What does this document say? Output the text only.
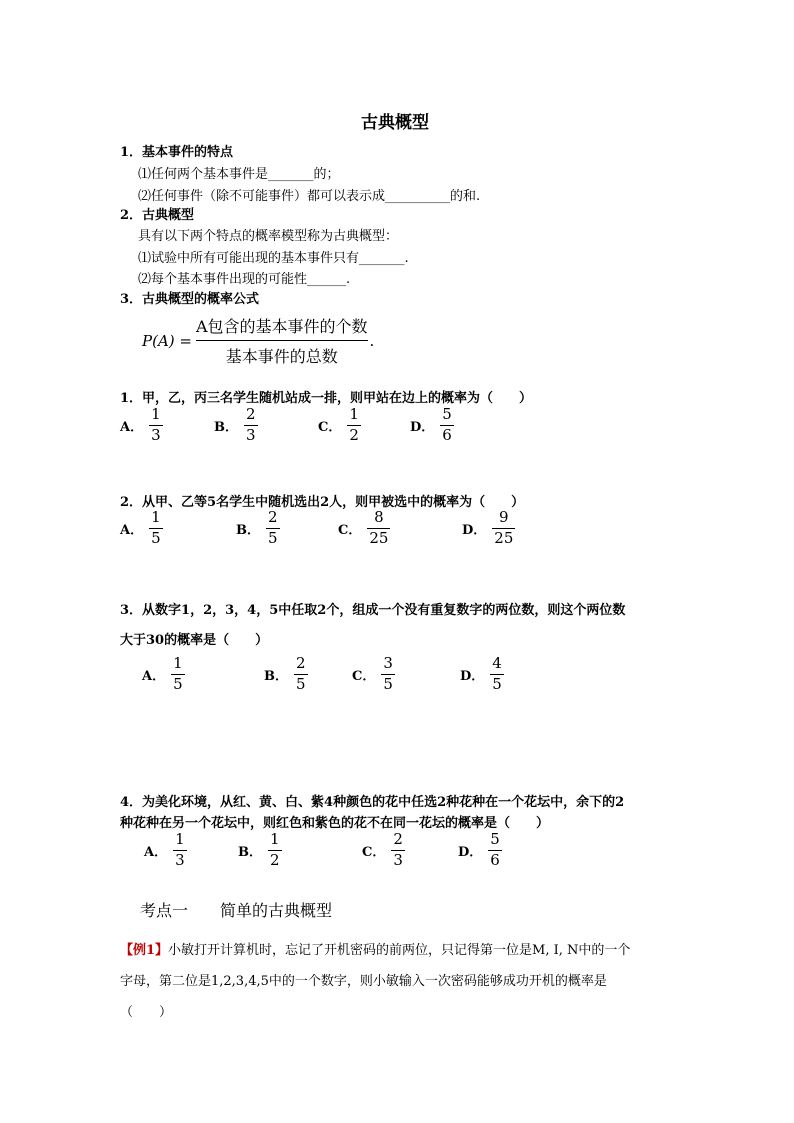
古典概型
1．基本事件的特点
⑴任何两个基本事件是_______的；
⑵任何事件（除不可能事件）都可以表示成__________的和.
2．古典概型
具有以下两个特点的概率模型称为古典概型：
⑴试验中所有可能出现的基本事件只有_______.
⑵每个基本事件出现的可能性______.
3．古典概型的概率公式
P(A) =
A包含的基本事件的个数
基本事件的总数
.
1．甲，乙，丙三名学生随机站成一排，则甲站在边上的概率为（　　）
A． $\frac{1}{3}$	B． $\frac{2}{3}$	C． $\frac{1}{2}$	D． $\frac{5}{6}$
2．从甲、乙等5名学生中随机选出2人，则甲被选中的概率为（　　）
A． $\frac{1}{5}$	B． $\frac{2}{5}$	C． $\frac{8}{25}$	D． $\frac{9}{25}$
3．从数字1，2，3，4，5中任取2个，组成一个没有重复数字的两位数，则这个两位数
大于30的概率是（　　）
A． $\frac{1}{5}$	B． $\frac{2}{5}$	C． $\frac{3}{5}$	D． $\frac{4}{5}$
4．为美化环境，从红、黄、白、紫4种颜色的花中任选2种花种在一个花坛中，余下的2
种花种在另一个花坛中，则红色和紫色的花不在同一花坛的概率是（　　）
A． $\frac{1}{3}$	B． $\frac{1}{2}$	C． $\frac{2}{3}$	D． $\frac{5}{6}$
考点一　　简单的古典概型
【例1】小敏打开计算机时，忘记了开机密码的前两位，只记得第一位是M, I, N中的一个
字母，第二位是1,2,3,4,5中的一个数字，则小敏输入一次密码能够成功开机的概率是
（　　）
